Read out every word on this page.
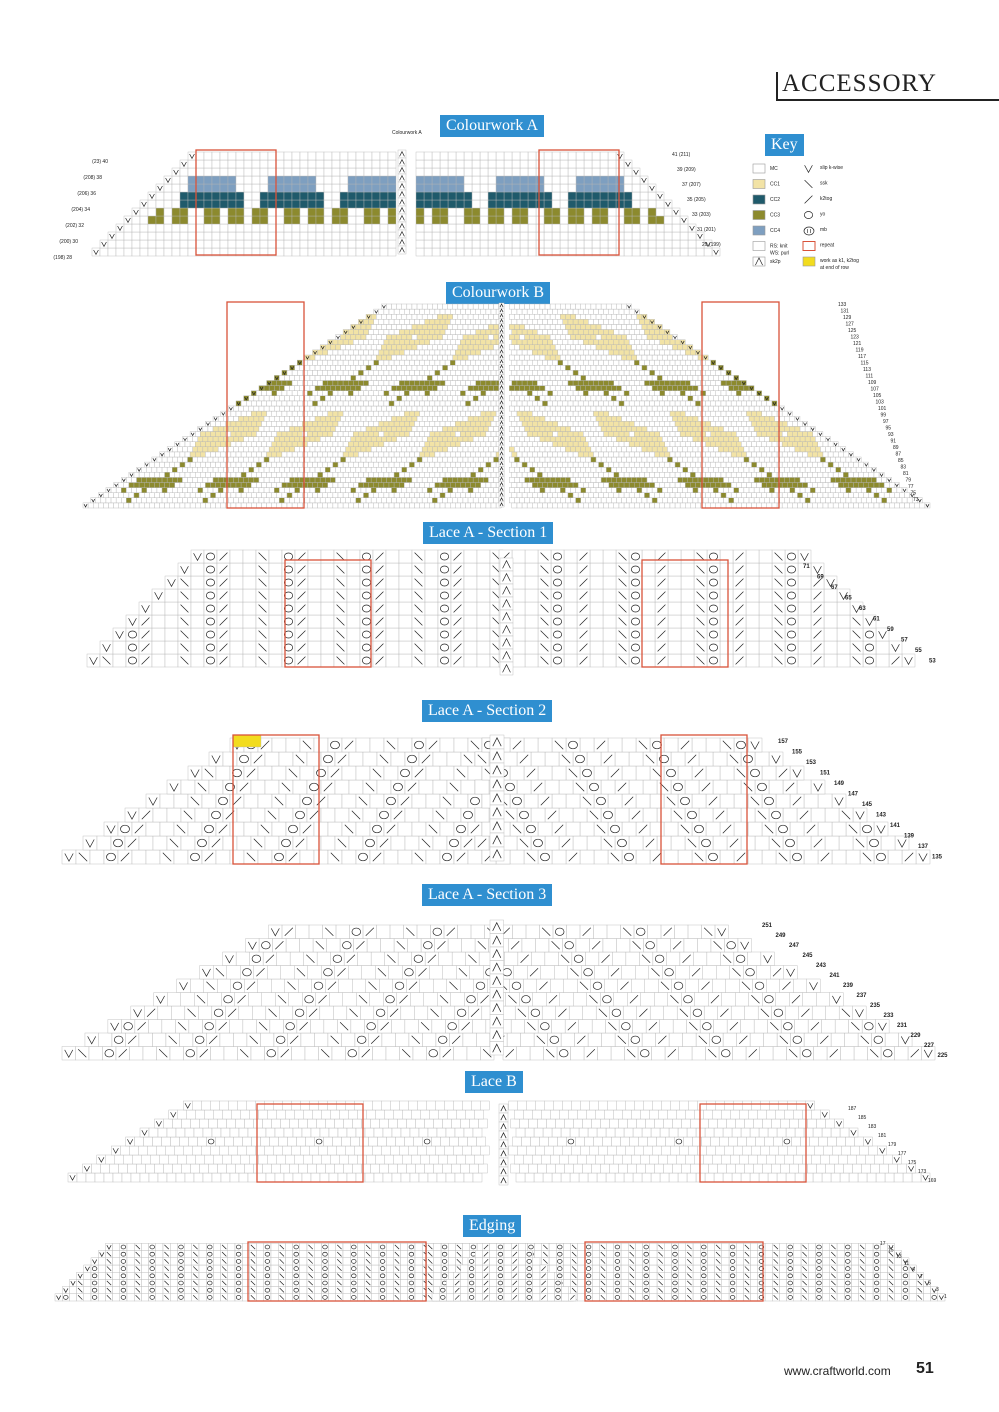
ACCESSORY
Colourwork A
Colourwork B
Lace A - Section 1
Lace A - Section 2
Lace A - Section 3
Lace B
Edging
Key
Colourwork A
(23) 40
(208) 38
(206) 36
(204) 34
(202) 32
(200) 30
(198) 28
41 (211)
39 (209)
37 (207)
35 (205)
33 (203)
31 (201)
29 (199)
133
131
129
127
125
123
121
119
117
115
113
111
109
107
105
103
101
99
97
95
93
91
89
87
85
83
81
79
77
75
73
71
69
67
65
63
61
59
57
55
53
157
155
153
151
149
147
145
143
141
139
137
135
251
249
247
245
243
241
239
237
235
233
231
229
227
225
187
185
183
181
179
177
175
173
169
17
15
13
11
9
7
5
3
1
MC
CC1
CC2
CC3
CC4
RS: knit
WS: purl
sk2p
slip k-wise
ssk
k2tog
yo
mb
repeat
work as k1, k2tog
at end of row
www.craftworld.com 51
